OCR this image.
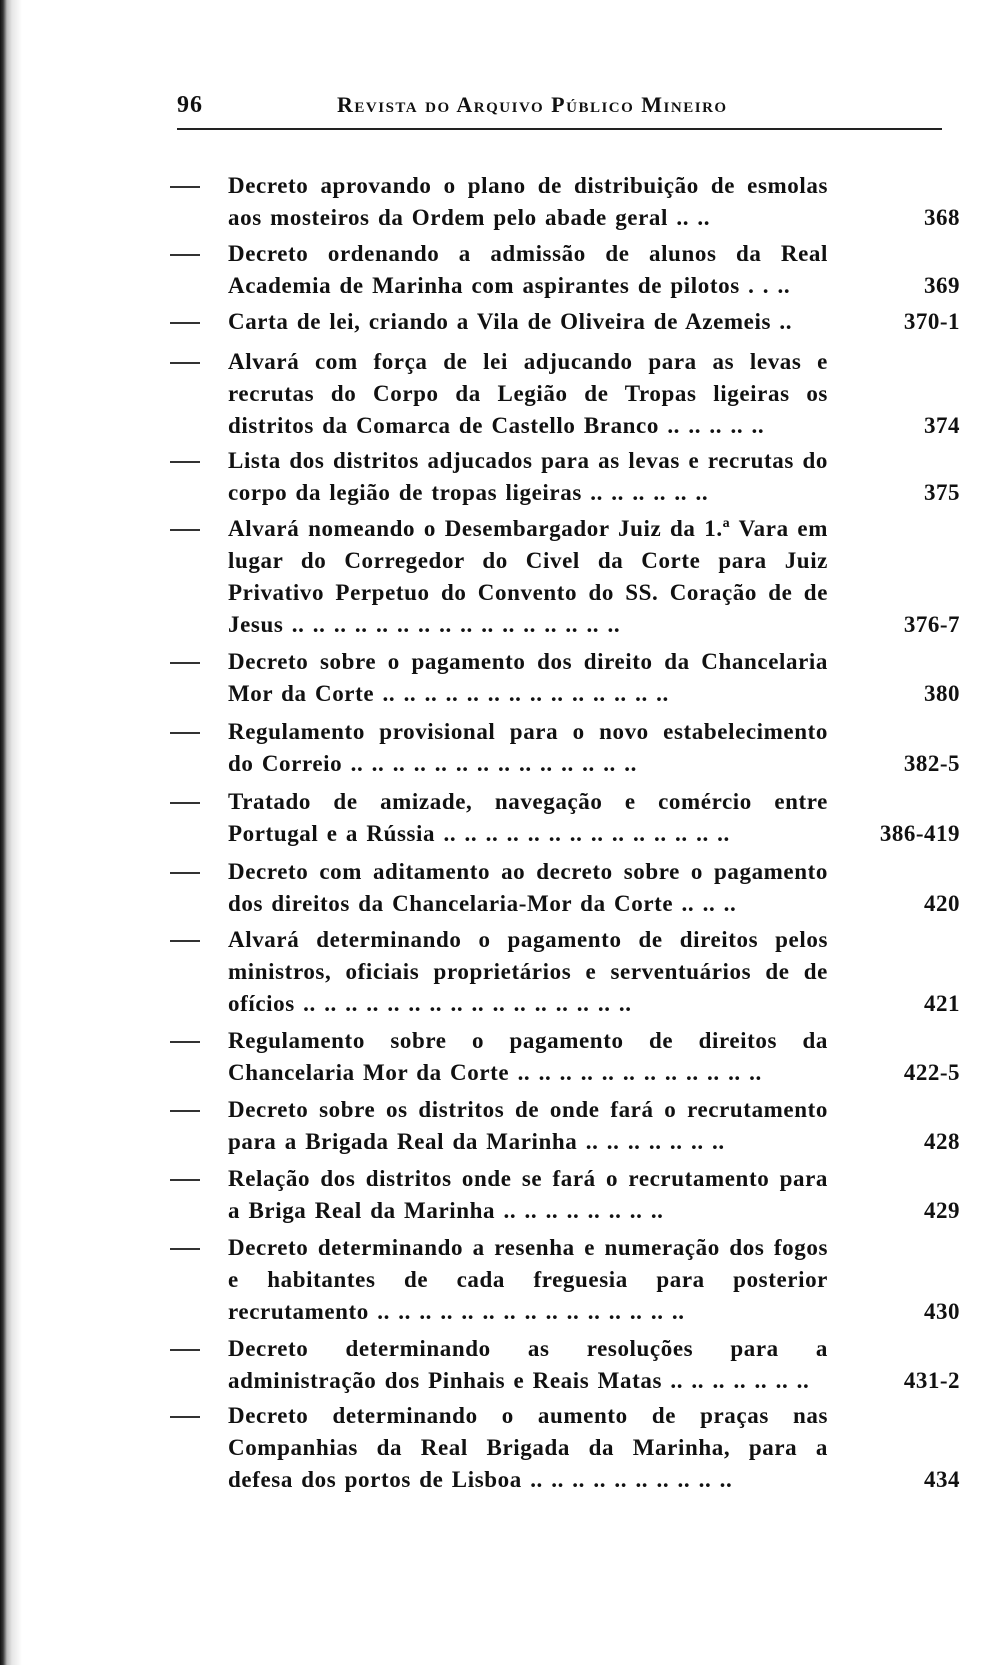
96	Revista do Arquivo Público Mineiro
Decreto aprovando o plano de distribuição de esmolas aos mosteiros da Ordem pelo abade geral .. ..	368
Decreto ordenando a admissão de alunos da Real Academia de Marinha com aspirantes de pilotos . . ..	369
Carta de lei, criando a Vila de Oliveira de Azemeis ..	370-1
Alvará com força de lei adjucando para as levas e recrutas do Corpo da Legião de Tropas ligeiras os distritos da Comarca de Castello Branco .. .. .. .. ..	374
Lista dos distritos adjucados para as levas e recrutas do corpo da legião de tropas ligeiras .. .. .. .. .. ..	375
Alvará nomeando o Desembargador Juiz da 1.ª Vara em lugar do Corregedor do Civel da Corte para Juiz Privativo Perpetuo do Convento do SS. Coração de de Jesus .. .. .. .. .. .. .. .. .. .. .. .. .. .. .. ..	376-7
Decreto sobre o pagamento dos direito da Chancelaria Mor da Corte .. .. .. .. .. .. .. .. .. .. .. .. .. ..	380
Regulamento provisional para o novo estabelecimento do Correio .. .. .. .. .. .. .. .. .. .. .. .. .. ..	382-5
Tratado de amizade, navegação e comércio entre Portugal e a Rússia .. .. .. .. .. .. .. .. .. .. .. .. .. ..	386-419
Decreto com aditamento ao decreto sobre o pagamento dos direitos da Chancelaria-Mor da Corte .. .. ..	420
Alvará determinando o pagamento de direitos pelos ministros, oficiais proprietários e serventuários de de ofícios .. .. .. .. .. .. .. .. .. .. .. .. .. .. .. ..	421
Regulamento sobre o pagamento de direitos da Chancelaria Mor da Corte .. .. .. .. .. .. .. .. .. .. .. ..	422-5
Decreto sobre os distritos de onde fará o recrutamento para a Brigada Real da Marinha .. .. .. .. .. .. ..	428
Relação dos distritos onde se fará o recrutamento para a Briga Real da Marinha .. .. .. .. .. .. .. ..	429
Decreto determinando a resenha e numeração dos fogos e habitantes de cada freguesia para posterior recrutamento .. .. .. .. .. .. .. .. .. .. .. .. .. .. ..	430
Decreto determinando as resoluções para a administração dos Pinhais e Reais Matas .. .. .. .. .. .. ..	431-2
Decreto determinando o aumento de praças nas Companhias da Real Brigada da Marinha, para a defesa dos portos de Lisboa .. .. .. .. .. .. .. .. .. ..	434
